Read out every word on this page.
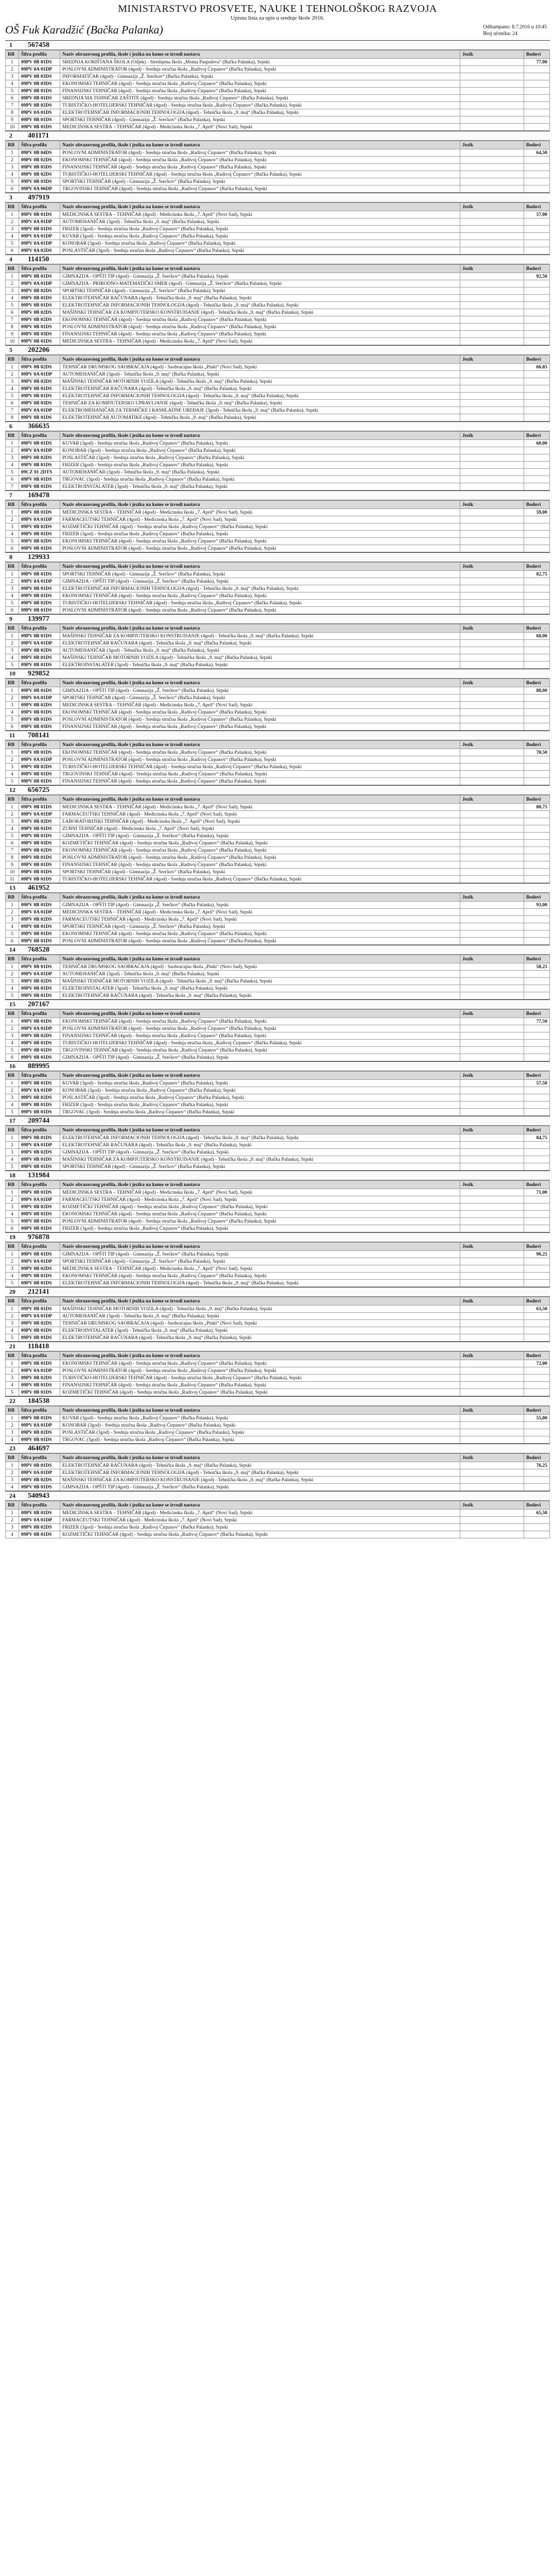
MINISTARSTVO PROSVETE, NAUKE I TEHNOLOŠKOG RAZVOJA
Upisna lista za upis u srednje škole 2016.
OŠ Fuk Karadžić (Bačka Palanka)	Odštampano: 8.7.2016 u 10:45
Broj učenika: 24
1	567458
RB	Šifra profila	Naziv obrazovnog profila, škole i jezika na kome se izvodi nastava	Jezik	Bodovi
1	09PV 0B 01DS	SREDNJA KORIŠTANA ŠKOLA (Odjek) - Stredsjena škola „Moma Paspuleva“ (Bačka Palanka), Srpski		77,00
2	09PV 0A 01DP	POSLOVNI ADMINISTRATOR (4god) - Srednja stručna škola „Radivoj Ćirpanov“ (Bačka Palanka), Srpski		
3	09PV 0B 03DS	INFORMATIČAR (4god) - Gimnazija „Ž. Srećkov“ (Bačka Palanka), Srpski		
4	09PV 0B 03DS	EKONOMSKI TEHNIČAR (4god) - Srednja stručna škola „Radivoj Ćirpanov“ (Bačka Palanka), Srpski		
5	09PV 0B 01DS	FINANSIJSKI TEHNIČAR (4god) - Srednja stručna škola „Radivoj Ćirpanov“ (Bačka Palanka), Srpski		
6	09PV 0B 01DS	SREDNJA MA TEHNIČAR ZAŠTITE (4god) - Srednja stručna škola „Radivoj Ćirpanov“ (Bačka Palanka), Srpski		
7	09PV 0B 02DS	TURISTIČKO-HOTELIJERSKI TEHNIČAR (4god) - Srednja stručna škola „Radivoj Ćirpanov“ (Bačka Palanka), Srpski		
8	09PV 0A 01DS	ELEKTROTEHNIČAR INFORMACIONIH TEHNOLOGIJA (4god) - Tehnička škola „9. maj“ (Bačka Palanka), Srpski		
9	09PV 0B 01DS	SPORTSKI TEHNIČAR (4god) - Gimnazija „Ž. Srećkov“ (Bačka Palanka), Srpski		
10	09PV 0B 01DS	MEDICINSKA SESTRA – TEHNIČAR (4god) - Medicinska škola „7. April“ (Novi Sad), Srpski		
2	401171
RB	Šifra profila	Naziv obrazovnog profila, škole i jezika na kome se izvodi nastava	Jezik	Bodovi
1	09PV 0B 04DS	POSLOVNI ADMINISTRATOR (4god) - Srednja stručna škola „Radivoj Ćirpanov“ (Bačka Palanka), Srpski		64,50
2	09PV 0B 02DS	EKONOMSKI TEHNIČAR (4god) - Srednja stručna škola „Radivoj Ćirpanov“ (Bačka Palanka), Srpski		
3	09PV 0B 05DS	FINANSIJSKI TEHNIČAR (4god) - Srednja stručna škola „Radivoj Ćirpanov“ (Bačka Palanka), Srpski		
4	09PV 0B 02DS	TURISTIČKO-HOTELIJERSKI TEHNIČAR (4god) - Srednja stručna škola „Radivoj Ćirpanov“ (Bačka Palanka), Srpski		
5	09PV 0B 03DS	SPORTSKI TEHNIČAR (4god) - Gimnazija „Ž. Srećkov“ (Bačka Palanka), Srpski		
6	09PV 0A 06DP	TRGOVINSKI TEHNIČAR (4god) - Srednja stručna škola „Radivoj Ćirpanov“ (Bačka Palanka), Srpski		
3	497919
RB	Šifra profila	Naziv obrazovnog profila, škole i jezika na kome se izvodi nastava	Jezik	Bodovi
1	09PV 0B 01DS	MEDICINSKA SESTRA – TEHNIČAR (4god) - Medicinska škola „7. April“ (Novi Sad), Srpski		57,00
2	09PV 0A 01DP	AUTOMEHANIČAR (3god) - Tehnička škola „9. maj“ (Bačka Palanka), Srpski		
3	09PV 0B 01DS	FRIZER (3god) - Srednja stručna škola „Radivoj Ćirpanov“ (Bačka Palanka), Srpski		
4	09PV 0A 01DP	KUVAR (3god) - Srednja stručna škola „Radivoj Ćirpanov“ (Bačka Palanka), Srpski		
5	09PV 0A 01DP	KONOBAR (3god) - Srednja stručna škola „Radivoj Ćirpanov“ (Bačka Palanka), Srpski		
6	09PV 0A 02DS	POSLASTIČAR (3god) - Srednja stručna škola „Radivoj Ćirpanov“ (Bačka Palanka), Srpski		
4	114150
RB	Šifra profila	Naziv obrazovnog profila, škole i jezika na kome se izvodi nastava	Jezik	Bodovi
1	09PV 0B 01DS	GIMNAZIJA - OPŠTI TIP (4god) - Gimnazija „Ž. Srećkov“ (Bačka Palanka), Srpski		92,50
2	09PV 0A 01DP	GIMNAZIJA - PRIRODNO-MATEMATIČKI SMER (4god) - Gimnazija „Ž. Srećkov“ (Bačka Palanka), Srpski		
3	09PV 0B 02DS	SPORTSKI TEHNIČAR (4god) - Gimnazija „Ž. Srećkov“ (Bačka Palanka), Srpski		
4	09PV 0B 01DS	ELEKTROTEHNIČAR RAČUNARA (4god) - Tehnička škola „9. maj“ (Bačka Palanka), Srpski		
5	09PV 0B 01DS	ELEKTROTEHNIČAR INFORMACIONIH TEHNOLOGIJA (4god) - Tehnička škola „9. maj“ (Bačka Palanka), Srpski		
6	09PV 0B 02DS	MAŠINSKI TEHNIČAR ZA KOMPJUTERSKO KONSTRUISANJE (4god) - Tehnička škola „9. maj“ (Bačka Palanka), Srpski		
7	09PV 0B 02DS	EKONOMSKI TEHNIČAR (4god) - Srednja stručna škola „Radivoj Ćirpanov“ (Bačka Palanka), Srpski		
8	09PV 0B 01DS	POSLOVNI ADMINISTRATOR (4god) - Srednja stručna škola „Radivoj Ćirpanov“ (Bačka Palanka), Srpski		
9	09PV 0B 03DS	FINANSIJSKI TEHNIČAR (4god) - Srednja stručna škola „Radivoj Ćirpanov“ (Bačka Palanka), Srpski		
10	09PV 0B 01DS	MEDICINSKA SESTRA – TEHNIČAR (4god) - Medicinska škola „7. April“ (Novi Sad), Srpski		
5	202206
RB	Šifra profila	Naziv obrazovnog profila, škole i jezika na kome se izvodi nastava	Jezik	Bodovi
1	09PV 0B 02DS	TEHNIČAR DRUMSKOG SAOBRAĆAJA (4god) - Saobraćajna škola „Pinki“ (Novi Sad), Srpski		66,05
2	09PV 0A 01DP	AUTOMEHANIČAR (3god) - Tehnička škola „9. maj“ (Bačka Palanka), Srpski		
3	09PV 0B 02DS	MAŠINSKI TEHNIČAR MOTORNIH VOZILA (4god) - Tehnička škola „9. maj“ (Bačka Palanka), Srpski		
4	09PV 0B 01DS	ELEKTROTEHNIČAR RAČUNARA (4god) - Tehnička škola „9. maj“ (Bačka Palanka), Srpski		
5	09PV 0B 01DS	ELEKTROTEHNIČAR INFORMACIONIH TEHNOLOGIJA (4god) - Tehnička škola „9. maj“ (Bačka Palanka), Srpski		
6	09PV 0B 03DS	TEHNIČAR ZA KOMPJUTERSKO UPRAVLJANJE (4god) - Tehnička škola „9. maj“ (Bačka Palanka), Srpski		
7	09PV 0A 01DP	ELEKTROMEHANIČAR ZA TERMIČKE I RASHLADNE UREĐAJE (3god) - Tehnička škola „9. maj“ (Bačka Palanka), Srpski		
8	09PV 0B 01DS	ELEKTROTEHNIČAR AUTOMATIKE (4god) - Tehnička škola „9. maj“ (Bačka Palanka), Srpski		
6	366635
RB	Šifra profila	Naziv obrazovnog profila, škole i jezika na kome se izvodi nastava	Jezik	Bodovi
1	09PV 0B 01DS	KUVAR (3god) - Srednja stručna škola „Radivoj Ćirpanov“ (Bačka Palanka), Srpski		60,00
2	09PV 0A 01DP	KONOBAR (3god) - Srednja stručna škola „Radivoj Ćirpanov“ (Bačka Palanka), Srpski		
3	09PV 0B 02DS	POSLASTIČAR (3god) - Srednja stručna škola „Radivoj Ćirpanov“ (Bačka Palanka), Srpski		
4	09PV 0B 01DS	FRIZER (3god) - Srednja stručna škola „Radivoj Ćirpanov“ (Bačka Palanka), Srpski		
5	09CZ 01 2DTS	AUTOMEHANIČAR (3god) - Tehnička škola „9. maj“ (Bačka Palanka), Srpski		
6	09PV 0B 01DS	TRGOVAC (3god) - Srednja stručna škola „Radivoj Ćirpanov“ (Bačka Palanka), Srpski		
7	09PV 0B 01DS	ELEKTROINSTALATER (3god) - Tehnička škola „9. maj“ (Bačka Palanka), Srpski		
7	169478
RB	Šifra profila	Naziv obrazovnog profila, škole i jezika na kome se izvodi nastava	Jezik	Bodovi
1	09PV 0B 01DS	MEDICINSKA SESTRA – TEHNIČAR (4god) - Medicinska škola „7. April“ (Novi Sad), Srpski		59,00
2	09PV 0A 01DP	FARMACEUTSKI TEHNIČAR (4god) - Medicinska škola „7. April“ (Novi Sad), Srpski		
3	09PV 0B 02DS	KOZMETIČKI TEHNIČAR (4god) - Srednja stručna škola „Radivoj Ćirpanov“ (Bačka Palanka), Srpski		
4	09PV 0B 01DS	FRIZER (3god) - Srednja stručna škola „Radivoj Ćirpanov“ (Bačka Palanka), Srpski		
5	09PV 0B 02DS	EKONOMSKI TEHNIČAR (4god) - Srednja stručna škola „Radivoj Ćirpanov“ (Bačka Palanka), Srpski		
6	09PV 0B 01DS	POSLOVNI ADMINISTRATOR (4god) - Srednja stručna škola „Radivoj Ćirpanov“ (Bačka Palanka), Srpski		
8	129933
RB	Šifra profila	Naziv obrazovnog profila, škole i jezika na kome se izvodi nastava	Jezik	Bodovi
1	09PV 0B 01DS	SPORTSKI TEHNIČAR (4god) - Gimnazija „Ž. Srećkov“ (Bačka Palanka), Srpski		82,75
2	09PV 0A 01DP	GIMNAZIJA - OPŠTI TIP (4god) - Gimnazija „Ž. Srećkov“ (Bačka Palanka), Srpski		
3	09PV 0B 01DS	ELEKTROTEHNIČAR INFORMACIONIH TEHNOLOGIJA (4god) - Tehnička škola „9. maj“ (Bačka Palanka), Srpski		
4	09PV 0B 01DS	EKONOMSKI TEHNIČAR (4god) - Srednja stručna škola „Radivoj Ćirpanov“ (Bačka Palanka), Srpski		
5	09PV 0B 02DS	TURISTIČKO-HOTELIJERSKI TEHNIČAR (4god) - Srednja stručna škola „Radivoj Ćirpanov“ (Bačka Palanka), Srpski		
6	09PV 0B 01DS	POSLOVNI ADMINISTRATOR (4god) - Srednja stručna škola „Radivoj Ćirpanov“ (Bačka Palanka), Srpski		
9	139977
RB	Šifra profila	Naziv obrazovnog profila, škole i jezika na kome se izvodi nastava	Jezik	Bodovi
1	09PV 0B 01DS	MAŠINSKI TEHNIČAR ZA KOMPJUTERSKO KONSTRUISANJE (4god) - Tehnička škola „9. maj“ (Bačka Palanka), Srpski		68,00
2	09PV 0A 01DP	ELEKTROTEHNIČAR RAČUNARA (4god) - Tehnička škola „9. maj“ (Bačka Palanka), Srpski		
3	09PV 0B 02DS	AUTOMEHANIČAR (3god) - Tehnička škola „9. maj“ (Bačka Palanka), Srpski		
4	09PV 0B 01DS	MAŠINSKI TEHNIČAR MOTORNIH VOZILA (4god) - Tehnička škola „9. maj“ (Bačka Palanka), Srpski		
5	09PV 0B 01DS	ELEKTROINSTALATER (3god) - Tehnička škola „9. maj“ (Bačka Palanka), Srpski		
10	929852
RB	Šifra profila	Naziv obrazovnog profila, škole i jezika na kome se izvodi nastava	Jezik	Bodovi
1	09PV 0B 01DS	GIMNAZIJA - OPŠTI TIP (4god) - Gimnazija „Ž. Srećkov“ (Bačka Palanka), Srpski		88,00
2	09PV 0A 01DP	SPORTSKI TEHNIČAR (4god) - Gimnazija „Ž. Srećkov“ (Bačka Palanka), Srpski		
3	09PV 0B 02DS	MEDICINSKA SESTRA – TEHNIČAR (4god) - Medicinska škola „7. April“ (Novi Sad), Srpski		
4	09PV 0B 01DS	EKONOMSKI TEHNIČAR (4god) - Srednja stručna škola „Radivoj Ćirpanov“ (Bačka Palanka), Srpski		
5	09PV 0B 01DS	POSLOVNI ADMINISTRATOR (4god) - Srednja stručna škola „Radivoj Ćirpanov“ (Bačka Palanka), Srpski		
6	09PV 0B 03DS	FINANSIJSKI TEHNIČAR (4god) - Srednja stručna škola „Radivoj Ćirpanov“ (Bačka Palanka), Srpski		
11	708141
RB	Šifra profila	Naziv obrazovnog profila, škole i jezika na kome se izvodi nastava	Jezik	Bodovi
1	09PV 0B 01DS	EKONOMSKI TEHNIČAR (4god) - Srednja stručna škola „Radivoj Ćirpanov“ (Bačka Palanka), Srpski		70,50
2	09PV 0A 01DP	POSLOVNI ADMINISTRATOR (4god) - Srednja stručna škola „Radivoj Ćirpanov“ (Bačka Palanka), Srpski		
3	09PV 0B 02DS	TURISTIČKO-HOTELIJERSKI TEHNIČAR (4god) - Srednja stručna škola „Radivoj Ćirpanov“ (Bačka Palanka), Srpski		
4	09PV 0B 01DS	TRGOVINSKI TEHNIČAR (4god) - Srednja stručna škola „Radivoj Ćirpanov“ (Bačka Palanka), Srpski		
5	09PV 0B 01DS	FINANSIJSKI TEHNIČAR (4god) - Srednja stručna škola „Radivoj Ćirpanov“ (Bačka Palanka), Srpski		
12	656725
RB	Šifra profila	Naziv obrazovnog profila, škole i jezika na kome se izvodi nastava	Jezik	Bodovi
1	09PV 0B 01DS	MEDICINSKA SESTRA – TEHNIČAR (4god) - Medicinska škola „7. April“ (Novi Sad), Srpski		80,75
2	09PV 0A 01DP	FARMACEUTSKI TEHNIČAR (4god) - Medicinska škola „7. April“ (Novi Sad), Srpski		
3	09PV 0B 02DS	LABORATORIJSKI TEHNIČAR (4god) - Medicinska škola „7. April“ (Novi Sad), Srpski		
4	09PV 0B 01DS	ZUBNI TEHNIČAR (4god) - Medicinska škola „7. April“ (Novi Sad), Srpski		
5	09PV 0B 01DS	GIMNAZIJA - OPŠTI TIP (4god) - Gimnazija „Ž. Srećkov“ (Bačka Palanka), Srpski		
6	09PV 0B 03DS	KOZMETIČKI TEHNIČAR (4god) - Srednja stručna škola „Radivoj Ćirpanov“ (Bačka Palanka), Srpski		
7	09PV 0B 02DS	EKONOMSKI TEHNIČAR (4god) - Srednja stručna škola „Radivoj Ćirpanov“ (Bačka Palanka), Srpski		
8	09PV 0B 01DS	POSLOVNI ADMINISTRATOR (4god) - Srednja stručna škola „Radivoj Ćirpanov“ (Bačka Palanka), Srpski		
9	09PV 0B 01DS	FINANSIJSKI TEHNIČAR (4god) - Srednja stručna škola „Radivoj Ćirpanov“ (Bačka Palanka), Srpski		
10	09PV 0B 01DS	SPORTSKI TEHNIČAR (4god) - Gimnazija „Ž. Srećkov“ (Bačka Palanka), Srpski		
11	09PV 0B 01DS	TURISTIČKO-HOTELIJERSKI TEHNIČAR (4god) - Srednja stručna škola „Radivoj Ćirpanov“ (Bačka Palanka), Srpski		
13	461952
RB	Šifra profila	Naziv obrazovnog profila, škole i jezika na kome se izvodi nastava	Jezik	Bodovi
1	09PV 0B 01DS	GIMNAZIJA - OPŠTI TIP (4god) - Gimnazija „Ž. Srećkov“ (Bačka Palanka), Srpski		93,00
2	09PV 0A 01DP	MEDICINSKA SESTRA – TEHNIČAR (4god) - Medicinska škola „7. April“ (Novi Sad), Srpski		
3	09PV 0B 02DS	FARMACEUTSKI TEHNIČAR (4god) - Medicinska škola „7. April“ (Novi Sad), Srpski		
4	09PV 0B 01DS	SPORTSKI TEHNIČAR (4god) - Gimnazija „Ž. Srećkov“ (Bačka Palanka), Srpski		
5	09PV 0B 01DS	EKONOMSKI TEHNIČAR (4god) - Srednja stručna škola „Radivoj Ćirpanov“ (Bačka Palanka), Srpski		
6	09PV 0B 01DS	POSLOVNI ADMINISTRATOR (4god) - Srednja stručna škola „Radivoj Ćirpanov“ (Bačka Palanka), Srpski		
14	768528
RB	Šifra profila	Naziv obrazovnog profila, škole i jezika na kome se izvodi nastava	Jezik	Bodovi
1	09PV 0B 01DS	TEHNIČAR DRUMSKOG SAOBRAĆAJA (4god) - Saobraćajna škola „Pinki“ (Novi Sad), Srpski		58,25
2	09PV 0A 01DP	AUTOMEHANIČAR (3god) - Tehnička škola „9. maj“ (Bačka Palanka), Srpski		
3	09PV 0B 02DS	MAŠINSKI TEHNIČAR MOTORNIH VOZILA (4god) - Tehnička škola „9. maj“ (Bačka Palanka), Srpski		
4	09PV 0B 01DS	ELEKTROINSTALATER (3god) - Tehnička škola „9. maj“ (Bačka Palanka), Srpski		
5	09PV 0B 01DS	ELEKTROTEHNIČAR RAČUNARA (4god) - Tehnička škola „9. maj“ (Bačka Palanka), Srpski		
15	207167
RB	Šifra profila	Naziv obrazovnog profila, škole i jezika na kome se izvodi nastava	Jezik	Bodovi
1	09PV 0B 01DS	EKONOMSKI TEHNIČAR (4god) - Srednja stručna škola „Radivoj Ćirpanov“ (Bačka Palanka), Srpski		77,50
2	09PV 0A 01DP	POSLOVNI ADMINISTRATOR (4god) - Srednja stručna škola „Radivoj Ćirpanov“ (Bačka Palanka), Srpski		
3	09PV 0B 02DS	FINANSIJSKI TEHNIČAR (4god) - Srednja stručna škola „Radivoj Ćirpanov“ (Bačka Palanka), Srpski		
4	09PV 0B 01DS	TURISTIČKO-HOTELIJERSKI TEHNIČAR (4god) - Srednja stručna škola „Radivoj Ćirpanov“ (Bačka Palanka), Srpski		
5	09PV 0B 01DS	TRGOVINSKI TEHNIČAR (4god) - Srednja stručna škola „Radivoj Ćirpanov“ (Bačka Palanka), Srpski		
6	09PV 0B 01DS	GIMNAZIJA - OPŠTI TIP (4god) - Gimnazija „Ž. Srećkov“ (Bačka Palanka), Srpski		
16	889995
RB	Šifra profila	Naziv obrazovnog profila, škole i jezika na kome se izvodi nastava	Jezik	Bodovi
1	09PV 0B 01DS	KUVAR (3god) - Srednja stručna škola „Radivoj Ćirpanov“ (Bačka Palanka), Srpski		57,50
2	09PV 0A 01DP	KONOBAR (3god) - Srednja stručna škola „Radivoj Ćirpanov“ (Bačka Palanka), Srpski		
3	09PV 0B 02DS	POSLASTIČAR (3god) - Srednja stručna škola „Radivoj Ćirpanov“ (Bačka Palanka), Srpski		
4	09PV 0B 01DS	FRIZER (3god) - Srednja stručna škola „Radivoj Ćirpanov“ (Bačka Palanka), Srpski		
5	09PV 0B 01DS	TRGOVAC (3god) - Srednja stručna škola „Radivoj Ćirpanov“ (Bačka Palanka), Srpski		
17	209744
RB	Šifra profila	Naziv obrazovnog profila, škole i jezika na kome se izvodi nastava	Jezik	Bodovi
1	09PV 0B 01DS	ELEKTROTEHNIČAR INFORMACIONIH TEHNOLOGIJA (4god) - Tehnička škola „9. maj“ (Bačka Palanka), Srpski		84,75
2	09PV 0A 01DP	ELEKTROTEHNIČAR RAČUNARA (4god) - Tehnička škola „9. maj“ (Bačka Palanka), Srpski		
3	09PV 0B 02DS	GIMNAZIJA - OPŠTI TIP (4god) - Gimnazija „Ž. Srećkov“ (Bačka Palanka), Srpski		
4	09PV 0B 01DS	MAŠINSKI TEHNIČAR ZA KOMPJUTERSKO KONSTRUISANJE (4god) - Tehnička škola „9. maj“ (Bačka Palanka), Srpski		
5	09PV 0B 01DS	SPORTSKI TEHNIČAR (4god) - Gimnazija „Ž. Srećkov“ (Bačka Palanka), Srpski		
18	131984
RB	Šifra profila	Naziv obrazovnog profila, škole i jezika na kome se izvodi nastava	Jezik	Bodovi
1	09PV 0B 01DS	MEDICINSKA SESTRA – TEHNIČAR (4god) - Medicinska škola „7. April“ (Novi Sad), Srpski		71,00
2	09PV 0A 01DP	FARMACEUTSKI TEHNIČAR (4god) - Medicinska škola „7. April“ (Novi Sad), Srpski		
3	09PV 0B 02DS	KOZMETIČKI TEHNIČAR (4god) - Srednja stručna škola „Radivoj Ćirpanov“ (Bačka Palanka), Srpski		
4	09PV 0B 01DS	EKONOMSKI TEHNIČAR (4god) - Srednja stručna škola „Radivoj Ćirpanov“ (Bačka Palanka), Srpski		
5	09PV 0B 01DS	POSLOVNI ADMINISTRATOR (4god) - Srednja stručna škola „Radivoj Ćirpanov“ (Bačka Palanka), Srpski		
6	09PV 0B 01DS	FRIZER (3god) - Srednja stručna škola „Radivoj Ćirpanov“ (Bačka Palanka), Srpski		
19	976878
RB	Šifra profila	Naziv obrazovnog profila, škole i jezika na kome se izvodi nastava	Jezik	Bodovi
1	09PV 0B 01DS	GIMNAZIJA - OPŠTI TIP (4god) - Gimnazija „Ž. Srećkov“ (Bačka Palanka), Srpski		90,25
2	09PV 0A 01DP	SPORTSKI TEHNIČAR (4god) - Gimnazija „Ž. Srećkov“ (Bačka Palanka), Srpski		
3	09PV 0B 02DS	MEDICINSKA SESTRA – TEHNIČAR (4god) - Medicinska škola „7. April“ (Novi Sad), Srpski		
4	09PV 0B 01DS	EKONOMSKI TEHNIČAR (4god) - Srednja stručna škola „Radivoj Ćirpanov“ (Bačka Palanka), Srpski		
5	09PV 0B 01DS	ELEKTROTEHNIČAR INFORMACIONIH TEHNOLOGIJA (4god) - Tehnička škola „9. maj“ (Bačka Palanka), Srpski		
20	212141
RB	Šifra profila	Naziv obrazovnog profila, škole i jezika na kome se izvodi nastava	Jezik	Bodovi
1	09PV 0B 01DS	MAŠINSKI TEHNIČAR MOTORNIH VOZILA (4god) - Tehnička škola „9. maj“ (Bačka Palanka), Srpski		63,50
2	09PV 0A 01DP	AUTOMEHANIČAR (3god) - Tehnička škola „9. maj“ (Bačka Palanka), Srpski		
3	09PV 0B 02DS	TEHNIČAR DRUMSKOG SAOBRAĆAJA (4god) - Saobraćajna škola „Pinki“ (Novi Sad), Srpski		
4	09PV 0B 01DS	ELEKTROINSTALATER (3god) - Tehnička škola „9. maj“ (Bačka Palanka), Srpski		
5	09PV 0B 01DS	ELEKTROTEHNIČAR RAČUNARA (4god) - Tehnička škola „9. maj“ (Bačka Palanka), Srpski		
21	118418
RB	Šifra profila	Naziv obrazovnog profila, škole i jezika na kome se izvodi nastava	Jezik	Bodovi
1	09PV 0B 01DS	EKONOMSKI TEHNIČAR (4god) - Srednja stručna škola „Radivoj Ćirpanov“ (Bačka Palanka), Srpski		72,00
2	09PV 0A 01DP	POSLOVNI ADMINISTRATOR (4god) - Srednja stručna škola „Radivoj Ćirpanov“ (Bačka Palanka), Srpski		
3	09PV 0B 02DS	TURISTIČKO-HOTELIJERSKI TEHNIČAR (4god) - Srednja stručna škola „Radivoj Ćirpanov“ (Bačka Palanka), Srpski		
4	09PV 0B 01DS	FINANSIJSKI TEHNIČAR (4god) - Srednja stručna škola „Radivoj Ćirpanov“ (Bačka Palanka), Srpski		
5	09PV 0B 01DS	KOZMETIČKI TEHNIČAR (4god) - Srednja stručna škola „Radivoj Ćirpanov“ (Bačka Palanka), Srpski		
22	184538
RB	Šifra profila	Naziv obrazovnog profila, škole i jezika na kome se izvodi nastava	Jezik	Bodovi
1	09PV 0B 01DS	KUVAR (3god) - Srednja stručna škola „Radivoj Ćirpanov“ (Bačka Palanka), Srpski		55,00
2	09PV 0A 01DP	KONOBAR (3god) - Srednja stručna škola „Radivoj Ćirpanov“ (Bačka Palanka), Srpski		
3	09PV 0B 02DS	POSLASTIČAR (3god) - Srednja stručna škola „Radivoj Ćirpanov“ (Bačka Palanka), Srpski		
4	09PV 0B 01DS	TRGOVAC (3god) - Srednja stručna škola „Radivoj Ćirpanov“ (Bačka Palanka), Srpski		
23	464697
RB	Šifra profila	Naziv obrazovnog profila, škole i jezika na kome se izvodi nastava	Jezik	Bodovi
1	09PV 0B 01DS	ELEKTROTEHNIČAR RAČUNARA (4god) - Tehnička škola „9. maj“ (Bačka Palanka), Srpski		76,25
2	09PV 0A 01DP	ELEKTROTEHNIČAR INFORMACIONIH TEHNOLOGIJA (4god) - Tehnička škola „9. maj“ (Bačka Palanka), Srpski		
3	09PV 0B 02DS	MAŠINSKI TEHNIČAR ZA KOMPJUTERSKO KONSTRUISANJE (4god) - Tehnička škola „9. maj“ (Bačka Palanka), Srpski		
4	09PV 0B 01DS	GIMNAZIJA - OPŠTI TIP (4god) - Gimnazija „Ž. Srećkov“ (Bačka Palanka), Srpski		
24	540943
RB	Šifra profila	Naziv obrazovnog profila, škole i jezika na kome se izvodi nastava	Jezik	Bodovi
1	09PV 0B 01DS	MEDICINSKA SESTRA – TEHNIČAR (4god) - Medicinska škola „7. April“ (Novi Sad), Srpski		65,50
2	09PV 0A 01DP	FARMACEUTSKI TEHNIČAR (4god) - Medicinska škola „7. April“ (Novi Sad), Srpski		
3	09PV 0B 02DS	FRIZER (3god) - Srednja stručna škola „Radivoj Ćirpanov“ (Bačka Palanka), Srpski		
4	09PV 0B 01DS	KOZMETIČKI TEHNIČAR (4god) - Srednja stručna škola „Radivoj Ćirpanov“ (Bačka Palanka), Srpski		
